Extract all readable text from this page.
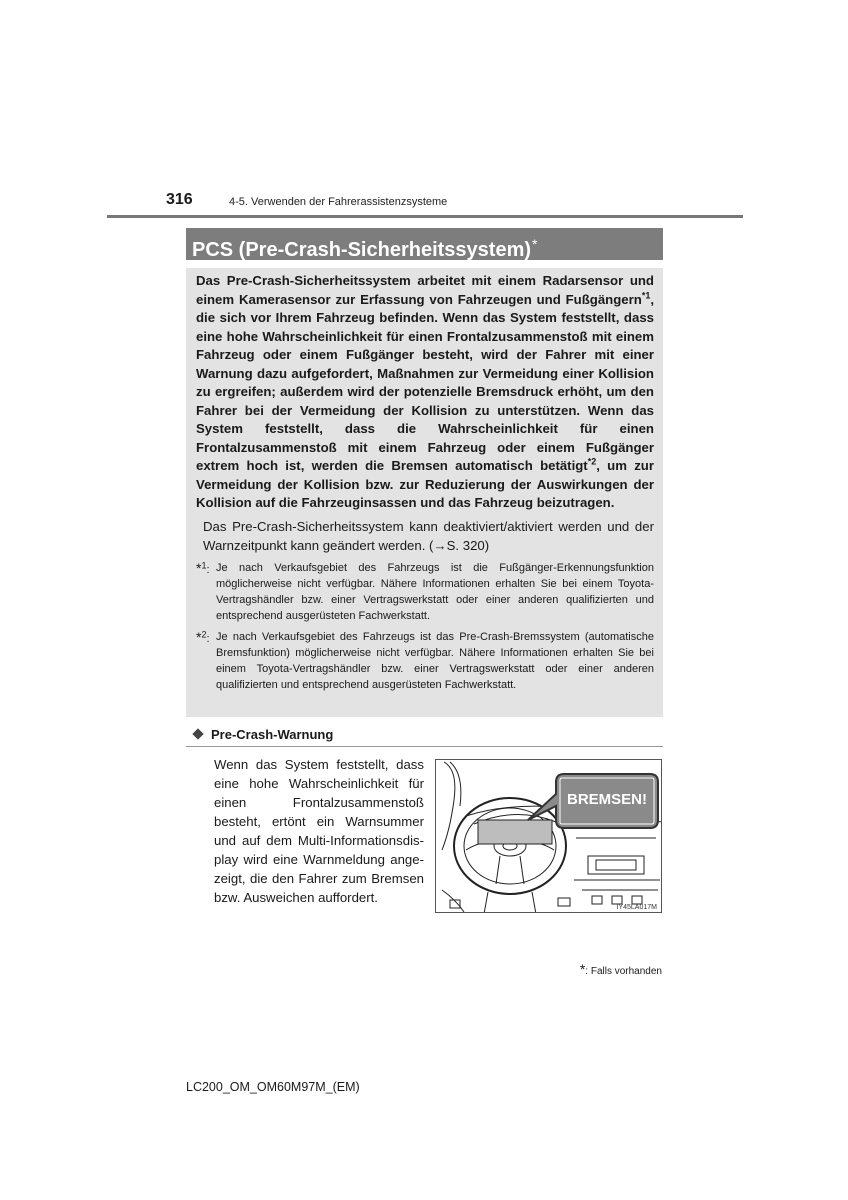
316	4-5. Verwenden der Fahrerassistenzsysteme
PCS (Pre-Crash-Sicherheitssystem)*

Das Pre-Crash-Sicherheitssystem arbeitet mit einem Radarsensor und einem Kamerasensor zur Erfassung von Fahrzeugen und Fußgängern$^{*1}$, die sich vor Ihrem Fahrzeug befinden. Wenn das System feststellt, dass eine hohe Wahrscheinlichkeit für einen Frontalzusammenstoß mit einem Fahrzeug oder einem Fußgänger besteht, wird der Fahrer mit einer Warnung dazu aufgefordert, Maßnahmen zur Vermeidung einer Kollision zu ergreifen; außerdem wird der potenzielle Bremsdruck erhöht, um den Fahrer bei der Vermeidung der Kollision zu unterstützen. Wenn das System feststellt, dass die Wahrscheinlichkeit für einen Frontalzusammenstoß mit einem Fahrzeug oder einem Fußgänger extrem hoch ist, werden die Bremsen automatisch betätigt$^{*2}$, um zur Vermeidung der Kollision bzw. zur Reduzierung der Auswirkungen der Kollision auf die Fahrzeuginsassen und das Fahrzeug beizutragen.

Das Pre-Crash-Sicherheitssystem kann deaktiviert/aktiviert werden und der Warnzeitpunkt kann geändert werden. (→S. 320)

*$^1$: Je nach Verkaufsgebiet des Fahrzeugs ist die Fußgänger-Erkennungsfunktion möglicherweise nicht verfügbar. Nähere Informationen erhalten Sie bei einem Toyota-Vertragshändler bzw. einer Vertragswerkstatt oder einer anderen qualifizierten und entsprechend ausgerüsteten Fachwerkstatt.
*$^2$: Je nach Verkaufsgebiet des Fahrzeugs ist das Pre-Crash-Bremssystem (automatische Bremsfunktion) möglicherweise nicht verfügbar. Nähere Informationen erhalten Sie bei einem Toyota-Vertragshändler bzw. einer Vertragswerkstatt oder einer anderen qualifizierten und entsprechend ausgerüsteten Fachwerkstatt.
Pre-Crash-Warnung
Wenn das System feststellt, dass eine hohe Wahrscheinlichkeit für einen Frontalzusammenstoß besteht, ertönt ein Warnsummer und auf dem Multi-Informationsdisplay wird eine Warnmeldung angezeigt, die den Fahrer zum Bremsen bzw. Ausweichen auffordert.
BREMSEN!
IY45LA017M
*: Falls vorhanden
LC200_OM_OM60M97M_(EM)
